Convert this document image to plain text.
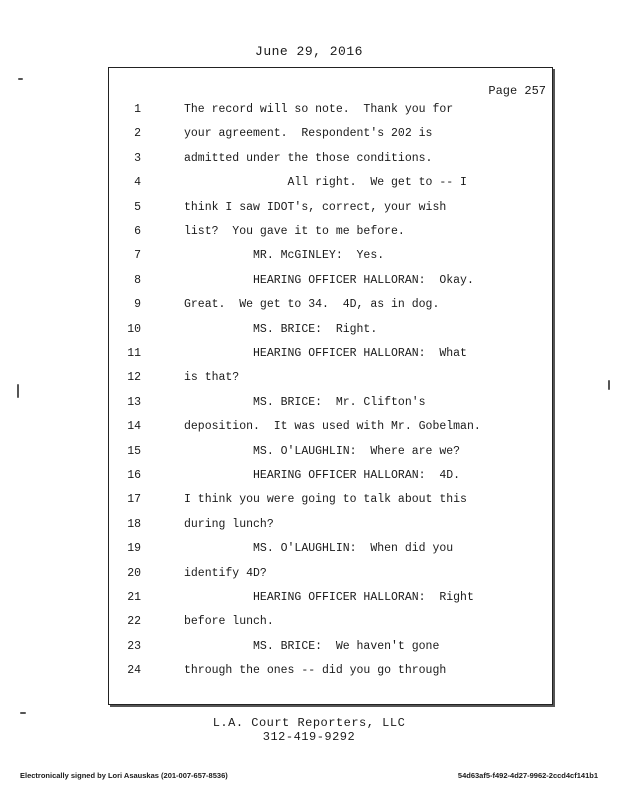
June 29, 2016
Page 257
1	The record will so note.  Thank you for
2	your agreement.  Respondent's 202 is
3	admitted under the those conditions.
4	All right.  We get to -- I
5	think I saw IDOT's, correct, your wish
6	list?  You gave it to me before.
7	MR. McGINLEY:  Yes.
8	HEARING OFFICER HALLORAN:  Okay.
9	Great.  We get to 34.  4D, as in dog.
10	MS. BRICE:  Right.
11	HEARING OFFICER HALLORAN:  What
12	is that?
13	MS. BRICE:  Mr. Clifton's
14	deposition.  It was used with Mr. Gobelman.
15	MS. O'LAUGHLIN:  Where are we?
16	HEARING OFFICER HALLORAN:  4D.
17	I think you were going to talk about this
18	during lunch?
19	MS. O'LAUGHLIN:  When did you
20	identify 4D?
21	HEARING OFFICER HALLORAN:  Right
22	before lunch.
23	MS. BRICE:  We haven't gone
24	through the ones -- did you go through
L.A. Court Reporters, LLC
312-419-9292
Electronically signed by Lori Asauskas (201-007-657-8536)	54d63af5-f492-4d27-9962-2ccd4cf141b1
